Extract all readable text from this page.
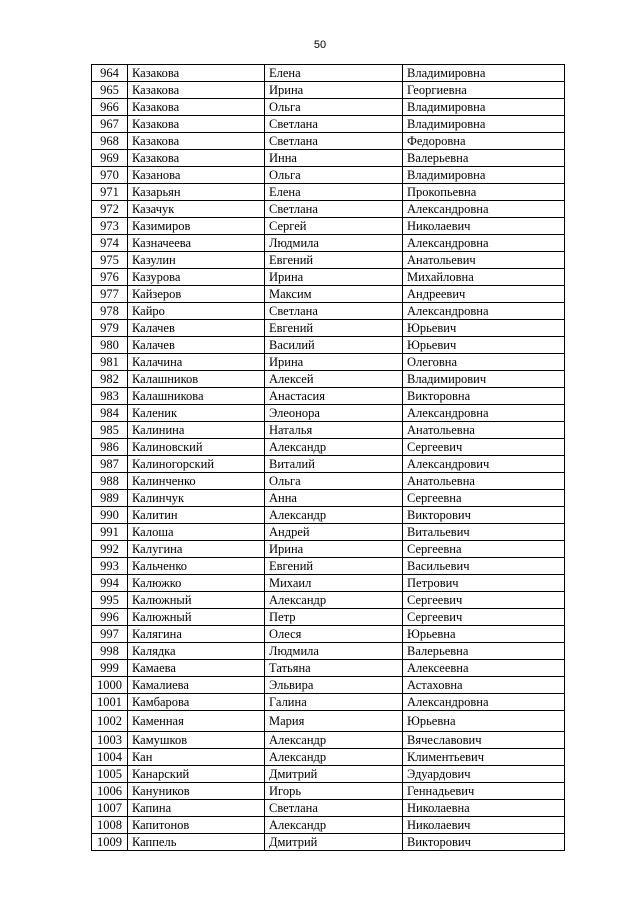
50
964	Казакова	Елена	Владимировна
965	Казакова	Ирина	Георгиевна
966	Казакова	Ольга	Владимировна
967	Казакова	Светлана	Владимировна
968	Казакова	Светлана	Федоровна
969	Казакова	Инна	Валерьевна
970	Казанова	Ольга	Владимировна
971	Казарьян	Елена	Прокопьевна
972	Казачук	Светлана	Александровна
973	Казимиров	Сергей	Николаевич
974	Казначеева	Людмила	Александровна
975	Казулин	Евгений	Анатольевич
976	Казурова	Ирина	Михайловна
977	Кайзеров	Максим	Андреевич
978	Кайро	Светлана	Александровна
979	Калачев	Евгений	Юрьевич
980	Калачев	Василий	Юрьевич
981	Калачина	Ирина	Олеговна
982	Калашников	Алексей	Владимирович
983	Калашникова	Анастасия	Викторовна
984	Каленик	Элеонора	Александровна
985	Калинина	Наталья	Анатольевна
986	Калиновский	Александр	Сергеевич
987	Калиногорский	Виталий	Александрович
988	Калинченко	Ольга	Анатольевна
989	Калинчук	Анна	Сергеевна
990	Калитин	Александр	Викторович
991	Калоша	Андрей	Витальевич
992	Калугина	Ирина	Сергеевна
993	Кальченко	Евгений	Васильевич
994	Калюжко	Михаил	Петрович
995	Калюжный	Александр	Сергеевич
996	Калюжный	Петр	Сергеевич
997	Калягина	Олеся	Юрьевна
998	Калядка	Людмила	Валерьевна
999	Камаева	Татьяна	Алексеевна
1000	Камалиева	Эльвира	Астаховна
1001	Камбарова	Галина	Александровна
1002	Каменная	Мария	Юрьевна
1003	Камушков	Александр	Вячеславович
1004	Кан	Александр	Климентьевич
1005	Канарский	Дмитрий	Эдуардович
1006	Кануников	Игорь	Геннадьевич
1007	Капина	Светлана	Николаевна
1008	Капитонов	Александр	Николаевич
1009	Каппель	Дмитрий	Викторович
